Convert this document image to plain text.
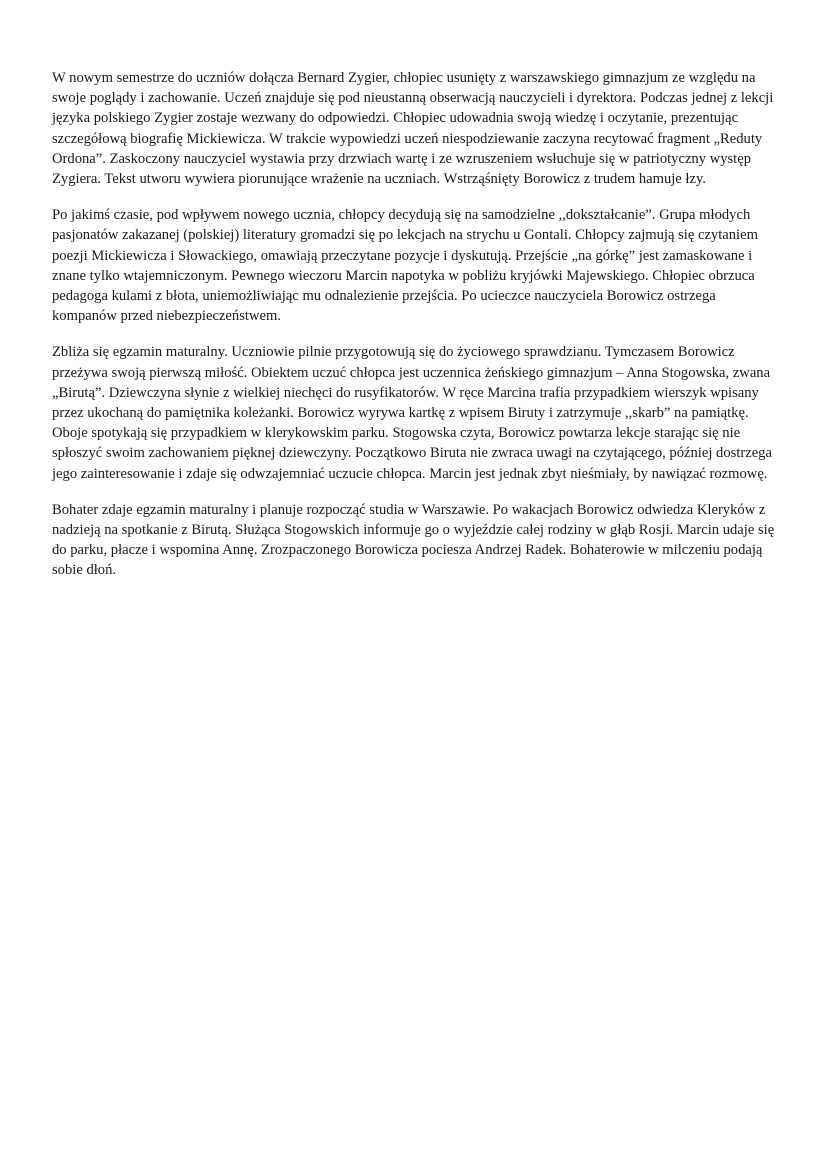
W nowym semestrze do uczniów dołącza Bernard Zygier, chłopiec usunięty z warszawskiego gimnazjum ze względu na swoje poglądy i zachowanie. Uczeń znajduje się pod nieustanną obserwacją nauczycieli i dyrektora. Podczas jednej z lekcji języka polskiego Zygier zostaje wezwany do odpowiedzi. Chłopiec udowadnia swoją wiedzę i oczytanie, prezentując szczegółową biografię Mickiewicza. W trakcie wypowiedzi uczeń niespodziewanie zaczyna recytować fragment „Reduty Ordona”. Zaskoczony nauczyciel wystawia przy drzwiach wartę i ze wzruszeniem wsłuchuje się w patriotyczny występ Zygiera. Tekst utworu wywiera piorunujące wrażenie na uczniach. Wstrząśnięty Borowicz z trudem hamuje łzy.

Po jakimś czasie, pod wpływem nowego ucznia, chłopcy decydują się na samodzielne ,,dokształcanie”. Grupa młodych pasjonatów zakazanej (polskiej) literatury gromadzi się po lekcjach na strychu u Gontali. Chłopcy zajmują się czytaniem poezji Mickiewicza i Słowackiego, omawiają przeczytane pozycje i dyskutują. Przejście „na górkę” jest zamaskowane i znane tylko wtajemniczonym. Pewnego wieczoru Marcin napotyka w pobliżu kryjówki Majewskiego. Chłopiec obrzuca pedagoga kulami z błota, uniemożliwiając mu odnalezienie przejścia. Po ucieczce nauczyciela Borowicz ostrzega kompanów przed niebezpieczeństwem.

Zbliża się egzamin maturalny. Uczniowie pilnie przygotowują się do życiowego sprawdzianu. Tymczasem Borowicz przeżywa swoją pierwszą miłość. Obiektem uczuć chłopca jest uczennica żeńskiego gimnazjum – Anna Stogowska, zwana „Birutą”. Dziewczyna słynie z wielkiej niechęci do rusyfikatorów. W ręce Marcina trafia przypadkiem wierszyk wpisany przez ukochaną do pamiętnika koleżanki. Borowicz wyrywa kartkę z wpisem Biruty i zatrzymuje ,,skarb” na pamiątkę. Oboje spotykają się przypadkiem w klerykowskim parku. Stogowska czyta, Borowicz powtarza lekcje starając się nie spłoszyć swoim zachowaniem pięknej dziewczyny. Początkowo Biruta nie zwraca uwagi na czytającego, później dostrzega jego zainteresowanie i zdaje się odwzajemniać uczucie chłopca. Marcin jest jednak zbyt nieśmiały, by nawiązać rozmowę.

Bohater zdaje egzamin maturalny i planuje rozpocząć studia w Warszawie. Po wakacjach Borowicz odwiedza Kleryków z nadzieją na spotkanie z Birutą. Służąca Stogowskich informuje go o wyjeździe całej rodziny w głąb Rosji. Marcin udaje się do parku, płacze i wspomina Annę. Zrozpaczonego Borowicza pociesza Andrzej Radek. Bohaterowie w milczeniu podają sobie dłoń.
